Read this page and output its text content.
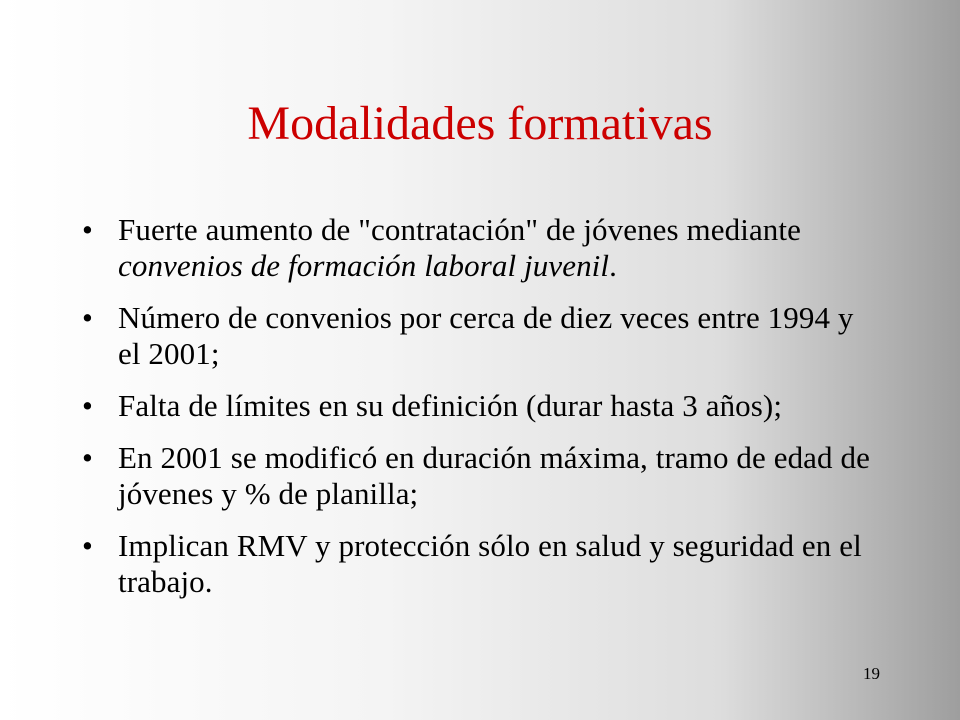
Modalidades formativas
• Fuerte aumento de "contratación" de jóvenes mediante convenios de formación laboral juvenil.
• Número de convenios por cerca de diez veces entre 1994 y el 2001;
• Falta de límites en su definición (durar hasta 3 años);
• En 2001 se modificó en duración máxima, tramo de edad de jóvenes y % de planilla;
• Implican RMV y protección sólo en salud y seguridad en el trabajo.
19
